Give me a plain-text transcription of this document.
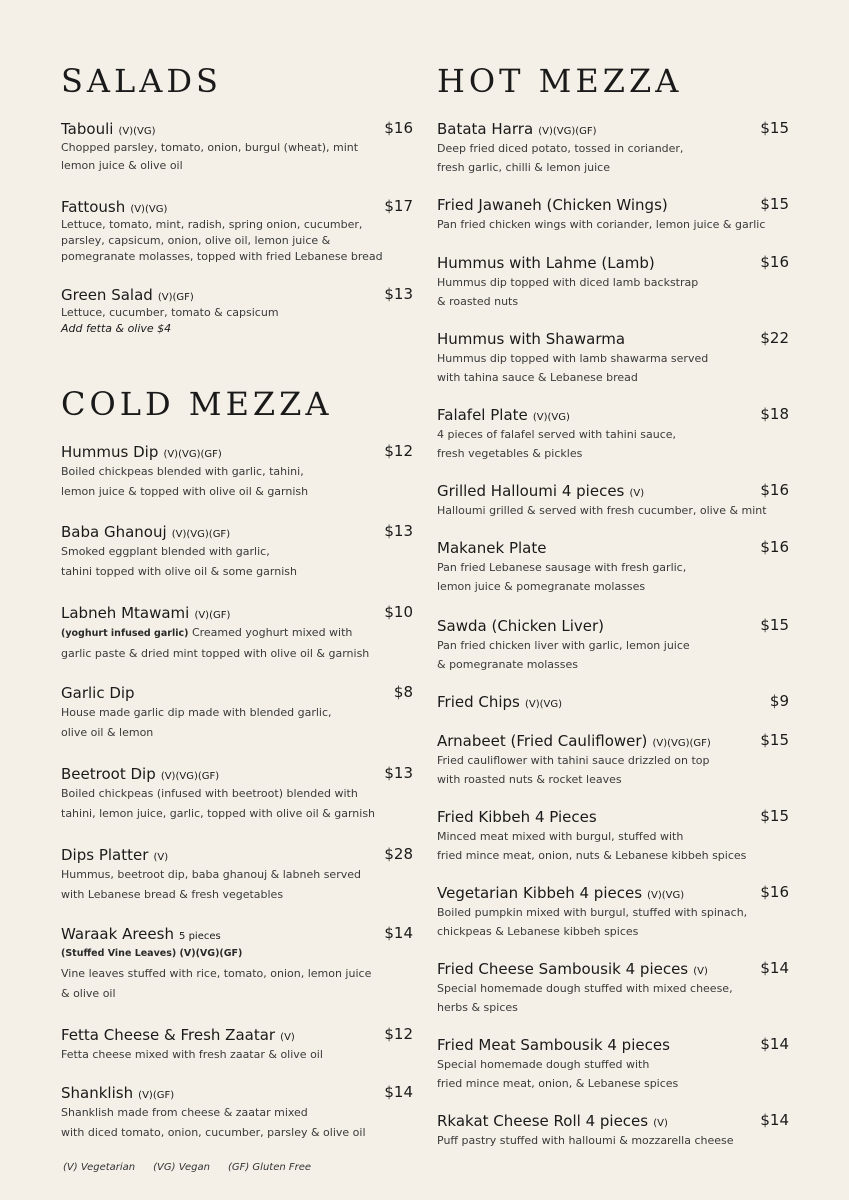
SALADS
COLD MEZZA
Tabouli (V)(VG)	$16
Chopped parsley, tomato, onion, burgul (wheat), mint
lemon juice & olive oil
Fattoush (V)(VG)	$17
Lettuce, tomato, mint, radish, spring onion, cucumber,
parsley, capsicum, onion, olive oil, lemon juice &
pomegranate molasses, topped with fried Lebanese bread
Green Salad (V)(GF)	$13
Lettuce, cucumber, tomato & capsicum
Add fetta & olive $4
Hummus Dip (V)(VG)(GF)	$12
Boiled chickpeas blended with garlic, tahini,
lemon juice & topped with olive oil & garnish
Baba Ghanouj (V)(VG)(GF)	$13
Smoked eggplant blended with garlic,
tahini topped with olive oil & some garnish
Labneh Mtawami (V)(GF)	$10
(yoghurt infused garlic) Creamed yoghurt mixed with
garlic paste & dried mint topped with olive oil & garnish
Garlic Dip	$8
House made garlic dip made with blended garlic,
olive oil & lemon
Beetroot Dip (V)(VG)(GF)	$13
Boiled chickpeas (infused with beetroot) blended with
tahini, lemon juice, garlic, topped with olive oil & garnish
Dips Platter (V)	$28
Hummus, beetroot dip, baba ghanouj & labneh served
with Lebanese bread & fresh vegetables
Waraak Areesh 5 pieces	$14
(Stuffed Vine Leaves) (V)(VG)(GF)
Vine leaves stuffed with rice, tomato, onion, lemon juice
& olive oil
Fetta Cheese & Fresh Zaatar (V)	$12
Fetta cheese mixed with fresh zaatar & olive oil
Shanklish (V)(GF)	$14
Shanklish made from cheese & zaatar mixed
with diced tomato, onion, cucumber, parsley & olive oil
HOT MEZZA
Batata Harra (V)(VG)(GF)	$15
Deep fried diced potato, tossed in coriander,
fresh garlic, chilli & lemon juice
Fried Jawaneh (Chicken Wings)	$15
Pan fried chicken wings with coriander, lemon juice & garlic
Hummus with Lahme (Lamb)	$16
Hummus dip topped with diced lamb backstrap
& roasted nuts
Hummus with Shawarma	$22
Hummus dip topped with lamb shawarma served
with tahina sauce & Lebanese bread
Falafel Plate (V)(VG)	$18
4 pieces of falafel served with tahini sauce,
fresh vegetables & pickles
Grilled Halloumi 4 pieces (V)	$16
Halloumi grilled & served with fresh cucumber, olive & mint
Makanek Plate	$16
Pan fried Lebanese sausage with fresh garlic,
lemon juice & pomegranate molasses
Sawda (Chicken Liver)	$15
Pan fried chicken liver with garlic, lemon juice
& pomegranate molasses
Fried Chips (V)(VG)	$9
Arnabeet (Fried Cauliflower) (V)(VG)(GF)	$15
Fried cauliflower with tahini sauce drizzled on top
with roasted nuts & rocket leaves
Fried Kibbeh 4 Pieces	$15
Minced meat mixed with burgul, stuffed with
fried mince meat, onion, nuts & Lebanese kibbeh spices
Vegetarian Kibbeh 4 pieces (V)(VG)	$16
Boiled pumpkin mixed with burgul, stuffed with spinach,
chickpeas & Lebanese kibbeh spices
Fried Cheese Sambousik 4 pieces (V)	$14
Special homemade dough stuffed with mixed cheese,
herbs & spices
Fried Meat Sambousik 4 pieces	$14
Special homemade dough stuffed with
fried mince meat, onion, & Lebanese spices
Rkakat Cheese Roll 4 pieces (V)	$14
Puff pastry stuffed with halloumi & mozzarella cheese
(V) Vegetarian (VG) Vegan (GF) Gluten Free
